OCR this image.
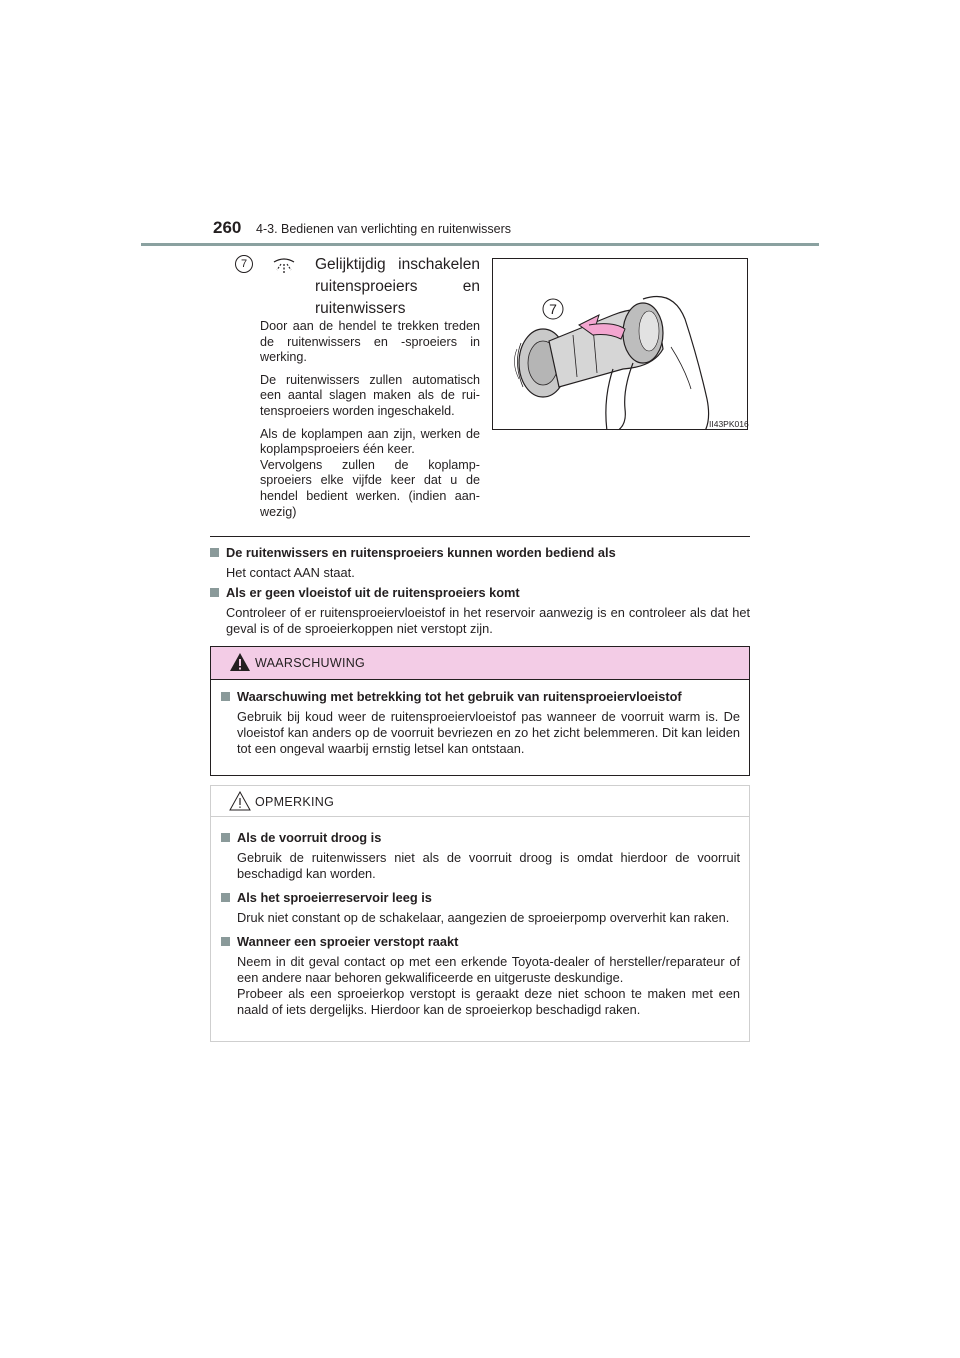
260 4-3. Bedienen van verlichting en ruitenwissers
7	Gelijktijdig inschakelen ruitensproeiers en ruitenwissers

Door aan de hendel te trekken treden de ruitenwissers en -sproeiers in werking.

De ruitenwissers zullen automatisch een aantal slagen maken als de rui-tensproeiers worden ingeschakeld.

Als de koplampen aan zijn, werken de koplampsproeiers één keer.

Vervolgens zullen de koplamp-sproeiers elke vijfde keer dat u de hendel bedient werken. (indien aan-wezig)

7
II43PK016
De ruitenwissers en ruitensproeiers kunnen worden bediend als
Het contact AAN staat.
Als er geen vloeistof uit de ruitensproeiers komt
Controleer of er ruitensproeiervloeistof in het reservoir aanwezig is en controleer als dat het geval is of de sproeierkoppen niet verstopt zijn.
WAARSCHUWING
Waarschuwing met betrekking tot het gebruik van ruitensproeiervloeistof
Gebruik bij koud weer de ruitensproeiervloeistof pas wanneer de voorruit warm is. De vloeistof kan anders op de voorruit bevriezen en zo het zicht belemmeren. Dit kan leiden tot een ongeval waarbij ernstig letsel kan ontstaan.
OPMERKING
Als de voorruit droog is
Gebruik de ruitenwissers niet als de voorruit droog is omdat hierdoor de voorruit beschadigd kan worden.
Als het sproeierreservoir leeg is
Druk niet constant op de schakelaar, aangezien de sproeierpomp oververhit kan raken.
Wanneer een sproeier verstopt raakt
Neem in dit geval contact op met een erkende Toyota-dealer of hersteller/reparateur of een andere naar behoren gekwalificeerde en uitgeruste deskundige.
Probeer als een sproeierkop verstopt is geraakt deze niet schoon te maken met een naald of iets dergelijks. Hierdoor kan de sproeierkop beschadigd raken.
